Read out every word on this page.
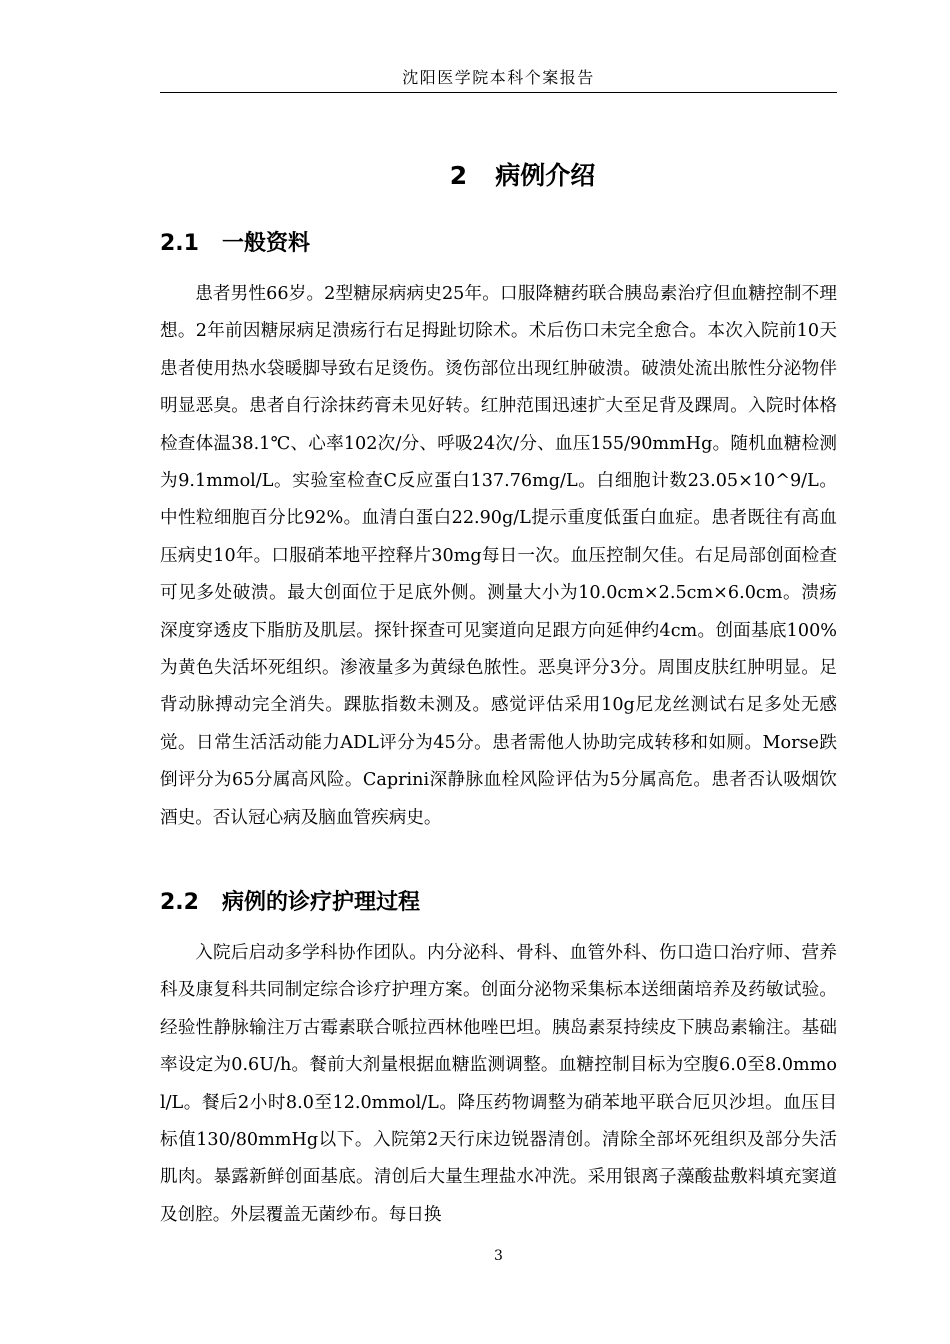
沈阳医学院本科个案报告
2 病例介绍
2.1 一般资料

患者男性66岁。2型糖尿病病史25年。口服降糖药联合胰岛素治疗但血糖控制不理想。2年前因糖尿病足溃疡行右足拇趾切除术。术后伤口未完全愈合。本次入院前10天患者使用热水袋暖脚导致右足烫伤。烫伤部位出现红肿破溃。破溃处流出脓性分泌物伴明显恶臭。患者自行涂抹药膏未见好转。红肿范围迅速扩大至足背及踝周。入院时体格检查体温38.1℃、心率102次/分、呼吸24次/分、血压155/90mmHg。随机血糖检测为9.1mmol/L。实验室检查C反应蛋白137.76mg/L。白细胞计数23.05×10^9/L。中性粒细胞百分比92%。血清白蛋白22.90g/L提示重度低蛋白血症。患者既往有高血压病史10年。口服硝苯地平控释片30mg每日一次。血压控制欠佳。右足局部创面检查可见多处破溃。最大创面位于足底外侧。测量大小为10.0cm×2.5cm×6.0cm。溃疡深度穿透皮下脂肪及肌层。探针探查可见窦道向足跟方向延伸约4cm。创面基底100%为黄色失活坏死组织。渗液量多为黄绿色脓性。恶臭评分3分。周围皮肤红肿明显。足背动脉搏动完全消失。踝肱指数未测及。感觉评估采用10g尼龙丝测试右足多处无感觉。日常生活活动能力ADL评分为45分。患者需他人协助完成转移和如厕。Morse跌倒评分为65分属高风险。Caprini深静脉血栓风险评估为5分属高危。患者否认吸烟饮酒史。否认冠心病及脑血管疾病史。

2.2 病例的诊疗护理过程

入院后启动多学科协作团队。内分泌科、骨科、血管外科、伤口造口治疗师、营养科及康复科共同制定综合诊疗护理方案。创面分泌物采集标本送细菌培养及药敏试验。经验性静脉输注万古霉素联合哌拉西林他唑巴坦。胰岛素泵持续皮下胰岛素输注。基础率设定为0.6U/h。餐前大剂量根据血糖监测调整。血糖控制目标为空腹6.0至8.0mmol/L。餐后2小时8.0至12.0mmol/L。降压药物调整为硝苯地平联合厄贝沙坦。血压目标值130/80mmHg以下。入院第2天行床边锐器清创。清除全部坏死组织及部分失活肌肉。暴露新鲜创面基底。清创后大量生理盐水冲洗。采用银离子藻酸盐敷料填充窦道及创腔。外层覆盖无菌纱布。每日换

3
